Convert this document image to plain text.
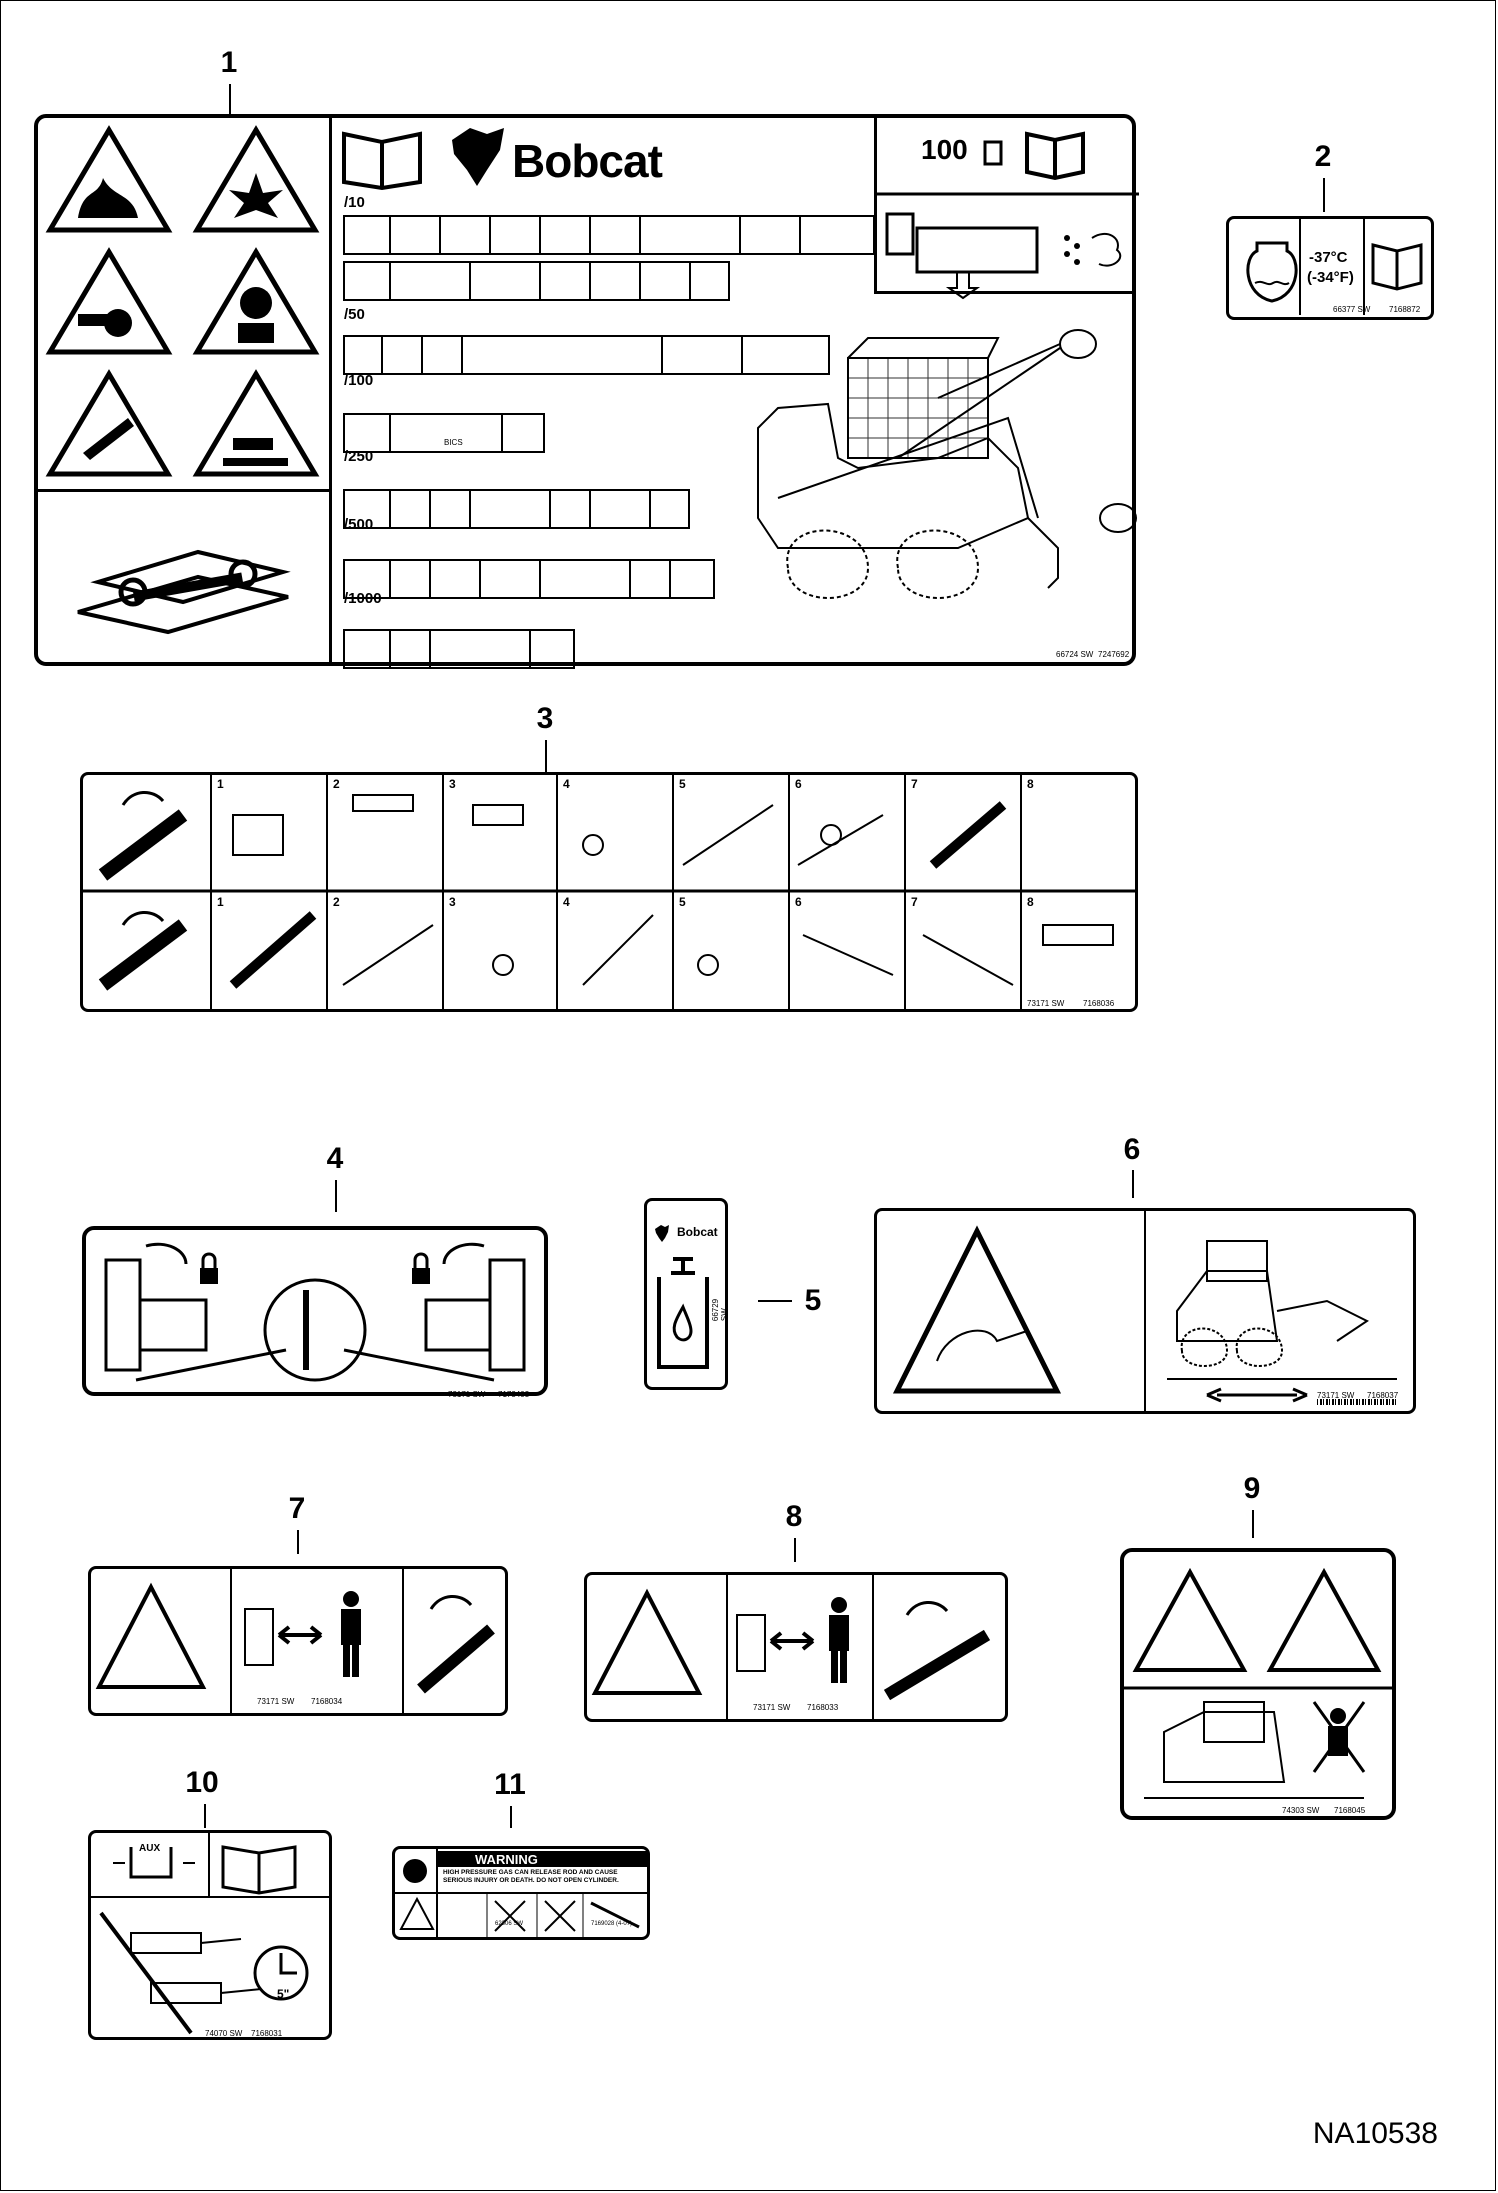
1
2
3
4
5
6
7	8
9
10	11
Bobcat
/10
/50
/100
/250
/500
/1000
BICS
100
66724 SW 7247692
-37°C
(-34°F)
66377 SW 7168872
1	2	3	4	5	6	7	8
1	2	3	4	5	6	7	8
73171 SW 7168036
73171 SW 7173403
Bobcat
66729 SW
73171 SW 7168037
73171 SW 7168034
73171 SW 7168033
74303 SW 7168045
AUX
5"
74070 SW 7168031
WARNING
HIGH PRESSURE GAS CAN RELEASE ROD AND CAUSE SERIOUS INJURY OR DEATH. DO NOT OPEN CYLINDER.
62306 SW	7169028 (4-07)
NA10538
